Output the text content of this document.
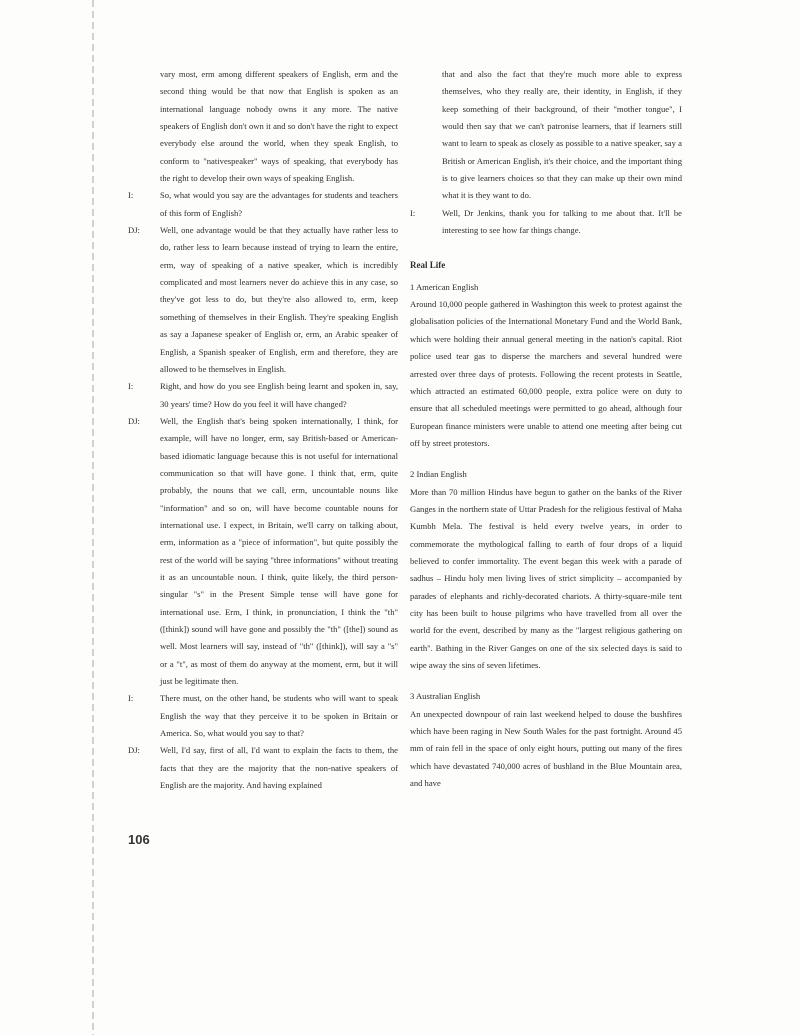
vary most, erm among different speakers of English, erm and the second thing would be that now that English is spoken as an international language nobody owns it any more. The native speakers of English don't own it and so don't have the right to expect everybody else around the world, when they speak English, to conform to "nativespeaker" ways of speaking, that everybody has the right to develop their own ways of speaking English.

I:	So, what would you say are the advantages for students and teachers of this form of English?

DJ:	Well, one advantage would be that they actually have rather less to do, rather less to learn because instead of trying to learn the entire, erm, way of speaking of a native speaker, which is incredibly complicated and most learners never do achieve this in any case, so they've got less to do, but they're also allowed to, erm, keep something of themselves in their English. They're speaking English as say a Japanese speaker of English or, erm, an Arabic speaker of English, a Spanish speaker of English, erm and therefore, they are allowed to be themselves in English.

I:	Right, and how do you see English being learnt and spoken in, say, 30 years' time? How do you feel it will have changed?

DJ:	Well, the English that's being spoken internationally, I think, for example, will have no longer, erm, say British-based or American-based idiomatic language because this is not useful for international communication so that will have gone. I think that, erm, quite probably, the nouns that we call, erm, uncountable nouns like "information" and so on, will have become countable nouns for international use. I expect, in Britain, we'll carry on talking about, erm, information as a "piece of information", but quite possibly the rest of the world will be saying "three informations" without treating it as an uncountable noun. I think, quite likely, the third person-singular "s" in the Present Simple tense will have gone for international use. Erm, I think, in pronunciation, I think the "th" ([think]) sound will have gone and possibly the "th" ([the]) sound as well. Most learners will say, instead of "th" ([think]), will say a "s" or a "t", as most of them do anyway at the moment, erm, but it will just be legitimate then.

I:	There must, on the other hand, be students who will want to speak English the way that they perceive it to be spoken in Britain or America. So, what would you say to that?

DJ:	Well, I'd say, first of all, I'd want to explain the facts to them, the facts that they are the majority that the non-native speakers of English are the majority. And having explained

that and also the fact that they're much more able to express themselves, who they really are, their identity, in English, if they keep something of their background, of their "mother tongue", I would then say that we can't patronise learners, that if learners still want to learn to speak as closely as possible to a native speaker, say a British or American English, it's their choice, and the important thing is to give learners choices so that they can make up their own mind what it is they want to do.

I:	Well, Dr Jenkins, thank you for talking to me about that. It'll be interesting to see how far things change.

Real Life

1 American English

Around 10,000 people gathered in Washington this week to protest against the globalisation policies of the International Monetary Fund and the World Bank, which were holding their annual general meeting in the nation's capital. Riot police used tear gas to disperse the marchers and several hundred were arrested over three days of protests. Following the recent protests in Seattle, which attracted an estimated 60,000 people, extra police were on duty to ensure that all scheduled meetings were permitted to go ahead, although four European finance ministers were unable to attend one meeting after being cut off by street protestors.

2 Indian English

More than 70 million Hindus have begun to gather on the banks of the River Ganges in the northern state of Uttar Pradesh for the religious festival of Maha Kumbh Mela. The festival is held every twelve years, in order to commemorate the mythological falling to earth of four drops of a liquid believed to confer immortality. The event began this week with a parade of sadhus – Hindu holy men living lives of strict simplicity – accompanied by parades of elephants and richly-decorated chariots. A thirty-square-mile tent city has been built to house pilgrims who have travelled from all over the world for the event, described by many as the "largest religious gathering on earth". Bathing in the River Ganges on one of the six selected days is said to wipe away the sins of seven lifetimes.

3 Australian English

An unexpected downpour of rain last weekend helped to douse the bushfires which have been raging in New South Wales for the past fortnight. Around 45 mm of rain fell in the space of only eight hours, putting out many of the fires which have devastated 740,000 acres of bushland in the Blue Mountain area, and have

106
